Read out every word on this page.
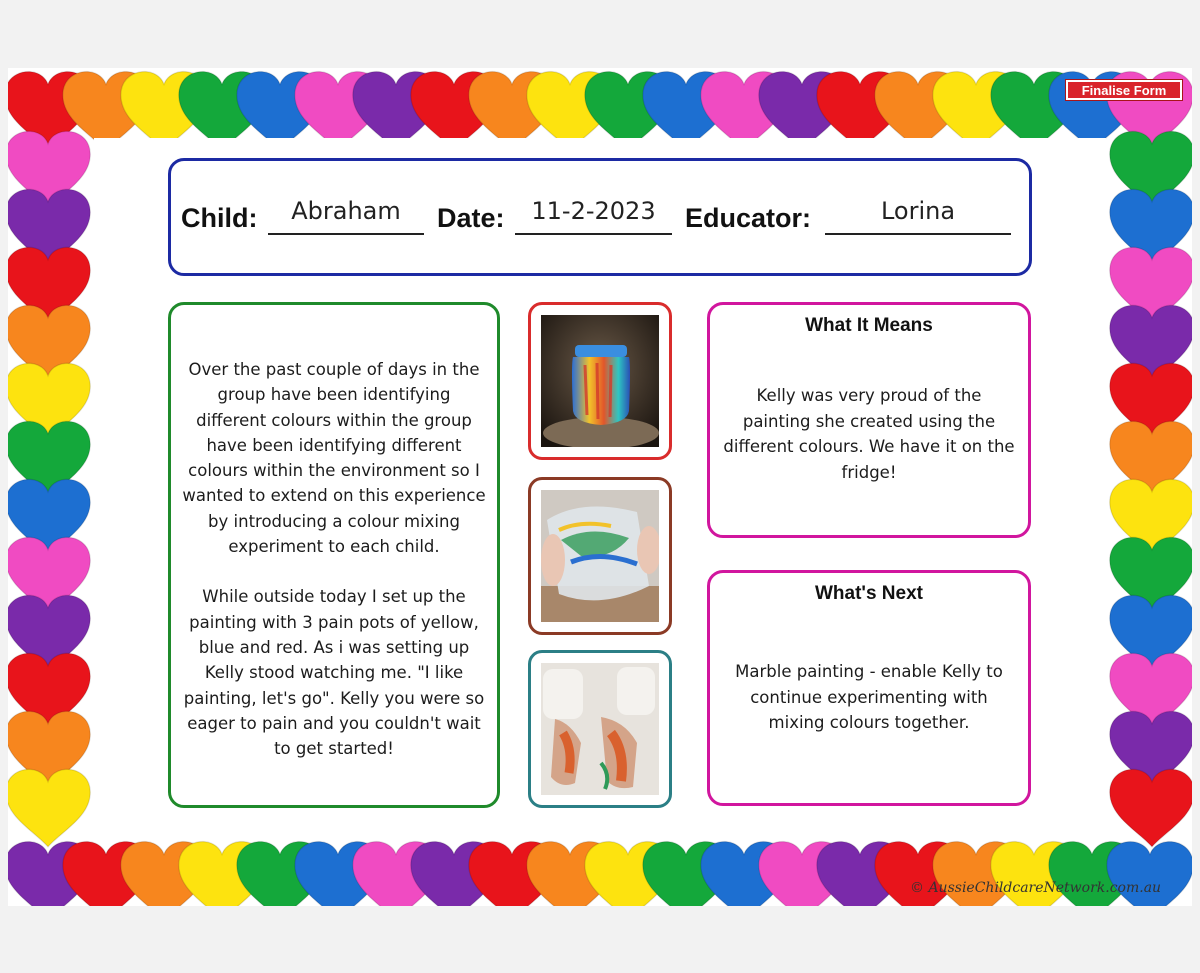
Finalise Form
Child:	Abraham	Date:	11-2-2023	Educator:	Lorina

Over the past couple of days in the group have been identifying different colours within the group have been identifying different colours within the environment so I wanted to extend on this experience by introducing a colour mixing experiment to each child.

While outside today I set up the painting with 3 pain pots of yellow, blue and red. As i was setting up Kelly stood watching me. "I like painting, let's go". Kelly you were so eager to pain and you couldn't wait to get started!

What It Means
Kelly was very proud of the painting she created using the different colours. We have it on the fridge!
What's Next
Marble painting - enable Kelly to continue experimenting with mixing colours together.
© AussieChildcareNetwork.com.au
